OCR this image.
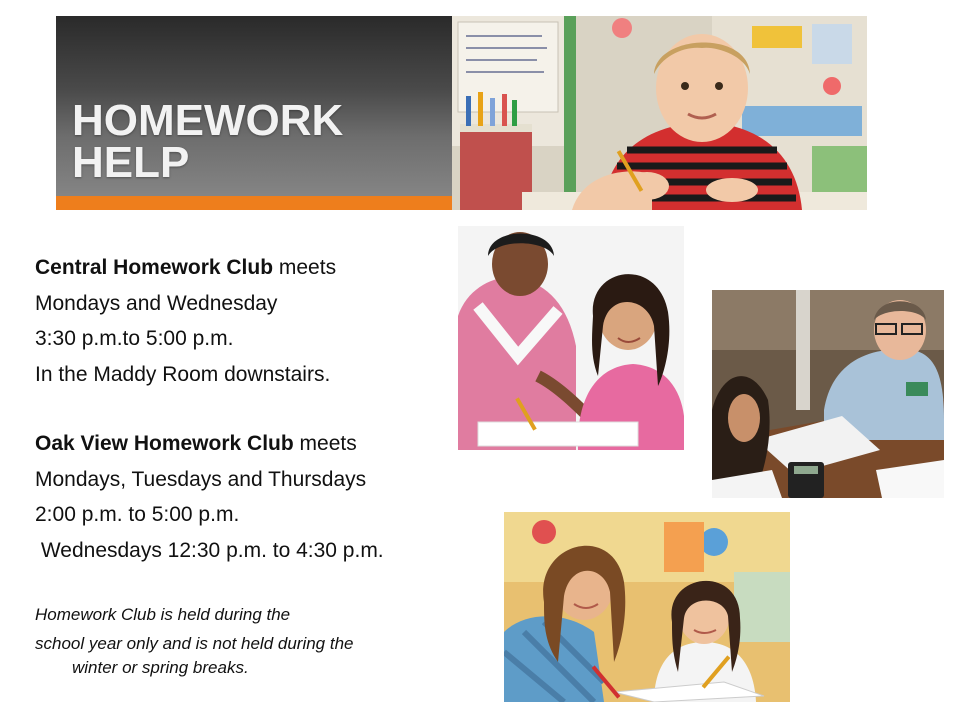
HOMEWORK
HELP

Central Homework Club meets

Mondays and Wednesday

3:30 p.m.to 5:00 p.m.

In the Maddy Room downstairs.

Oak View Homework Club meets

Mondays, Tuesdays and Thursdays

2:00 p.m. to 5:00 p.m.

Wednesdays 12:30 p.m. to 4:30 p.m.

Homework Club is held during the

school year only and is not held during the

winter or spring breaks.
